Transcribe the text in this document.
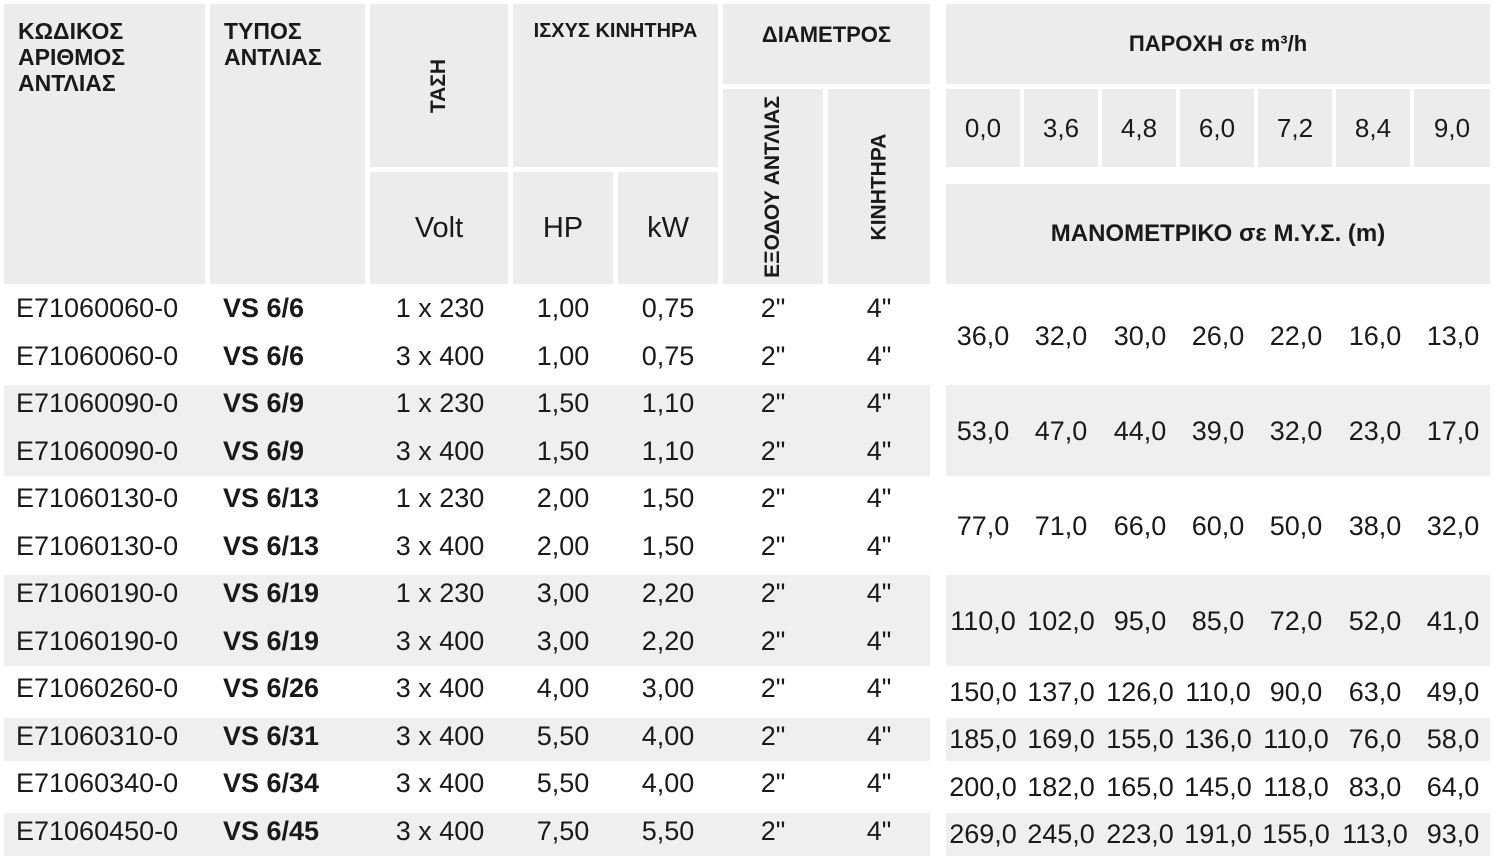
ΚΩΔΙΚΟΣ
ΑΡΙΘΜΟΣ
ΑΝΤΛΙΑΣ
ΤΥΠΟΣ
ΑΝΤΛΙΑΣ
ΤΑΣΗ
Volt
ΙΣΧΥΣ ΚΙΝΗΤΗΡΑ
HP	kW
ΔΙΑΜΕΤΡΟΣ
ΕΞΟΔΟΥ ΑΝΤΛΙΑΣ	ΚΙΝΗΤΗΡΑ
ΠΑΡΟΧΗ σε m³/h
0,0	3,6	4,8	6,0	7,2	8,4	9,0
ΜΑΝΟΜΕΤΡΙΚΟ σε Μ.Υ.Σ. (m)
E71060060-0	VS 6/6	1 x 230	1,00	0,75	2"	4"
E71060060-0	VS 6/6	3 x 400	1,00	0,75	2"	4"
36,0 32,0 30,0 26,0 22,0 16,0 13,0
E71060090-0	VS 6/9	1 x 230	1,50	1,10	2"	4"
E71060090-0	VS 6/9	3 x 400	1,50	1,10	2"	4"
53,0 47,0 44,0 39,0 32,0 23,0 17,0
E71060130-0	VS 6/13	1 x 230	2,00	1,50	2"	4"
E71060130-0	VS 6/13	3 x 400	2,00	1,50	2"	4"
77,0 71,0 66,0 60,0 50,0 38,0 32,0
E71060190-0	VS 6/19	1 x 230	3,00	2,20	2"	4"
E71060190-0	VS 6/19	3 x 400	3,00	2,20	2"	4"
110,0 102,0 95,0 85,0 72,0 52,0 41,0
E71060260-0	VS 6/26	3 x 400	4,00	3,00	2"	4"	150,0 137,0 126,0 110,0 90,0 63,0 49,0
E71060310-0	VS 6/31	3 x 400	5,50	4,00	2"	4"	185,0 169,0 155,0 136,0 110,0 76,0 58,0
E71060340-0	VS 6/34	3 x 400	5,50	4,00	2"	4"	200,0 182,0 165,0 145,0 118,0 83,0 64,0
E71060450-0	VS 6/45	3 x 400	7,50	5,50	2"	4"	269,0 245,0 223,0 191,0 155,0 113,0 93,0
